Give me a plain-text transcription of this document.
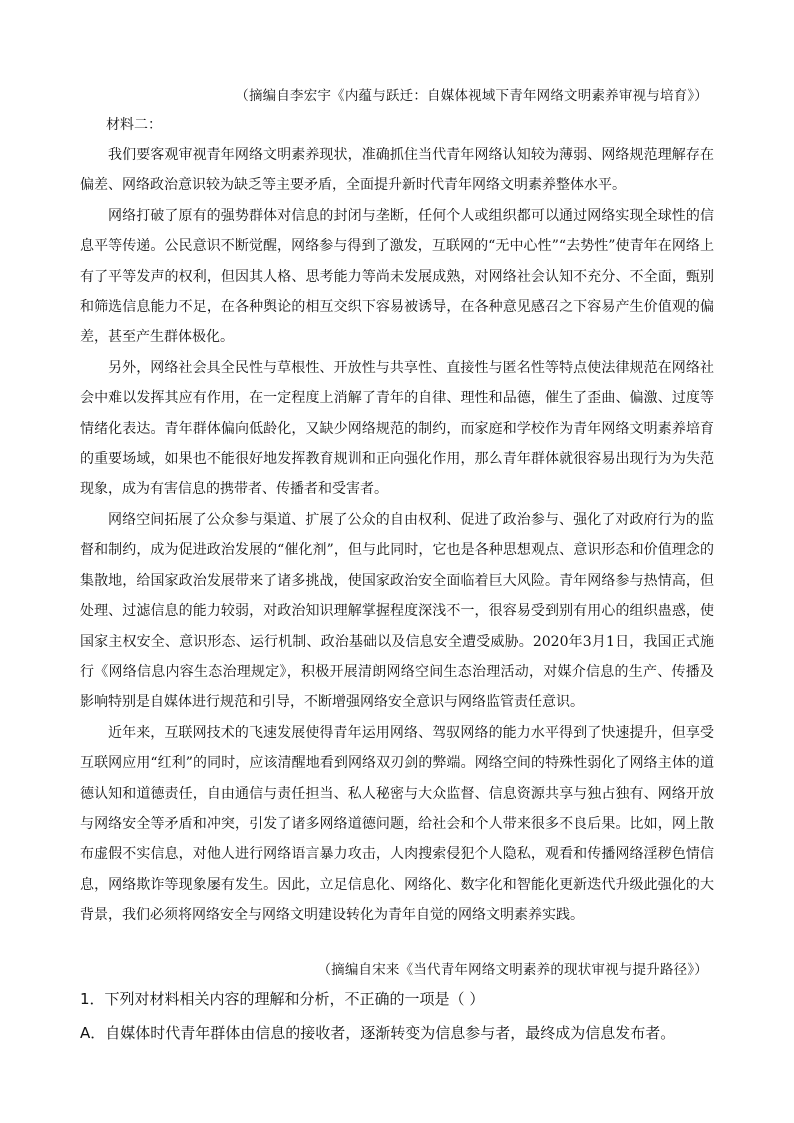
（摘编自李宏宇《内蕴与跃迁：自媒体视域下青年网络文明素养审视与培育》）
材料二：

我们要客观审视青年网络文明素养现状，准确抓住当代青年网络认知较为薄弱、网络规范理解存在偏差、网络政治意识较为缺乏等主要矛盾，全面提升新时代青年网络文明素养整体水平。

网络打破了原有的强势群体对信息的封闭与垄断，任何个人或组织都可以通过网络实现全球性的信息平等传递。公民意识不断觉醒，网络参与得到了激发，互联网的“无中心性”“去势性”使青年在网络上有了平等发声的权利，但因其人格、思考能力等尚未发展成熟，对网络社会认知不充分、不全面，甄别和筛选信息能力不足，在各种舆论的相互交织下容易被诱导，在各种意见感召之下容易产生价值观的偏差，甚至产生群体极化。

另外，网络社会具全民性与草根性、开放性与共享性、直接性与匿名性等特点使法律规范在网络社会中难以发挥其应有作用，在一定程度上消解了青年的自律、理性和品德，催生了歪曲、偏激、过度等情绪化表达。青年群体偏向低龄化，又缺少网络规范的制约，而家庭和学校作为青年网络文明素养培育的重要场域，如果也不能很好地发挥教育规训和正向强化作用，那么青年群体就很容易出现行为为失范现象，成为有害信息的携带者、传播者和受害者。

网络空间拓展了公众参与渠道、扩展了公众的自由权利、促进了政治参与、强化了对政府行为的监督和制约，成为促进政治发展的“催化剂”，但与此同时，它也是各种思想观点、意识形态和价值理念的集散地，给国家政治发展带来了诸多挑战，使国家政治安全面临着巨大风险。青年网络参与热情高，但处理、过滤信息的能力较弱，对政治知识理解掌握程度深浅不一，很容易受到别有用心的组织蛊惑，使国家主权安全、意识形态、运行机制、政治基础以及信息安全遭受威胁。2020年3月1日，我国正式施行《网络信息内容生态治理规定》，积极开展清朗网络空间生态治理活动，对媒介信息的生产、传播及影响特别是自媒体进行规范和引导，不断增强网络安全意识与网络监管责任意识。

近年来，互联网技术的飞速发展使得青年运用网络、驾驭网络的能力水平得到了快速提升，但享受互联网应用“红利”的同时，应该清醒地看到网络双刃剑的弊端。网络空间的特殊性弱化了网络主体的道德认知和道德责任，自由通信与责任担当、私人秘密与大众监督、信息资源共享与独占独有、网络开放与网络安全等矛盾和冲突，引发了诸多网络道德问题，给社会和个人带来很多不良后果。比如，网上散布虚假不实信息，对他人进行网络语言暴力攻击，人肉搜索侵犯个人隐私，观看和传播网络淫秽色情信息，网络欺诈等现象屡有发生。因此，立足信息化、网络化、数字化和智能化更新迭代升级此强化的大背景，我们必须将网络安全与网络文明建设转化为青年自觉的网络文明素养实践。

（摘编自宋来《当代青年网络文明素养的现状审视与提升路径》）
1．下列对材料相关内容的理解和分析，不正确的一项是（ ）
A．自媒体时代青年群体由信息的接收者，逐渐转变为信息参与者，最终成为信息发布者。
